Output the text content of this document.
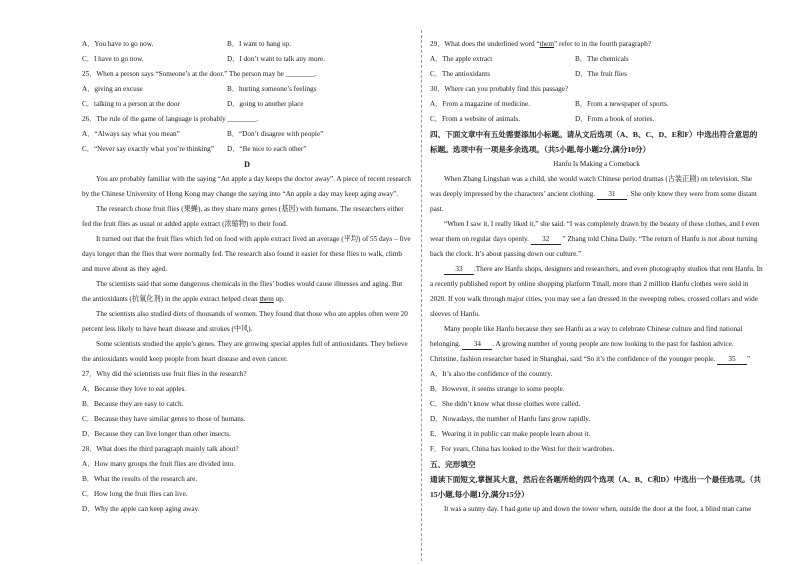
A．You have to go now.	B．I want to hang up.
C．I have to go now.	D．I don’t want to talk any more.

25．When a person says “Someone’s at the door.” The person may be ________.

A．giving an excuse	B．hurting someone’s feelings
C．talking to a person at the door	D．going to another place

26．The rule of the game of language is probably ________.

A．“Always say what you mean”	B．“Don’t disagree with people”
C．“Never say exactly what you’re thinking”	D．“Be nice to each other”

D

You are probably familiar with the saying “An apple a day keeps the doctor away”. A piece of recent research by the Chinese University of Hong Kong may change the saying into “An apple a day may keep aging away”.

The research chose fruit flies (果蝇), as they share many genes (基因) with humans. The researchers either fed the fruit flies as usual or added apple extract (浓缩物) to their food.

It turned out that the fruit flies which fed on food with apple extract lived an average (平均) of 55 days – five days longer than the flies that were normally fed. The research also found it easier for these flies to walk, climb and move about as they aged.

The scientists said that some dangerous chemicals in the flies’ bodies would cause illnesses and aging. But the antioxidants (抗氧化剂) in the apple extract helped clean them up.

The scientists also studied diets of thousands of women. They found that those who ate apples often were 20 percent less likely to have heart disease and strokes (中风).

Some scientists studied the apple’s genes. They are growing special apples full of antioxidants. They believe the antioxidants would keep people from heart disease and even cancer.

27．Why did the scientists use fruit flies in the research?

A．Because they love to eat apples.

B．Because they are easy to catch.

C．Because they have similar genes to those of humans.

D．Because they can live longer than other insects.

28．What does the third paragraph mainly talk about?

A．How many groups the fruit flies are divided into.

B．What the results of the research are.

C．How long the fruit flies can live.

D．Why the apple can keep aging away.

29．What does the underlined word “them” refer to in the fourth paragraph?

A．The apple extract	B．The chemicals
C．The antioxidants	D．The fruit flies

30．Where can you probably find this passage?

A．From a magazine of medicine.	B．From a newspaper of sports.
C．From a website of animals.	D．From a book of stories.

四、下面文章中有五处需要添加小标题。请从文后选项（A、B、C、D、E和F）中选出符合意思的标题。选项中有一项是多余选项。（共5小题,每小题2分,满分10分）

Hanfu Is Making a Comeback

When Zhang Lingshan was a child, she would watch Chinese period dramas (古装正剧) on television. She was deeply impressed by the characters’ ancient clothing. 31 . She only knew they were from some distant past.

“When I saw it, I really liked it,” she said. “I was completely drawn by the beauty of these clothes, and I even wear them on regular days openly. 32 ” Zhang told China Daily. “The return of Hanfu is not about turning back the clock. It’s about passing down our culture.”

33 .There are Hanfu shops, designers and researchers, and even photography studios that rent Hanfu. In a recently published report by online shopping platform Tmall, more than 2 million Hanfu clothes were sold in 2020. If you walk through major cities, you may see a fan dressed in the sweeping robes, crossed collars and wide sleeves of Hanfu.

Many people like Hanfu because they see Hanfu as a way to celebrate Chinese culture and find national belonging. 34 . A growing number of young people are now looking to the past for fashion advice. Christine, fashion researcher based in Shanghai, said “So it’s the confidence of the younger people. 35 ”

A．It’s also the confidence of the country.

B．However, it seems strange to some people.

C．She didn’t know what these clothes were called.

D．Nowadays, the number of Hanfu fans grow rapidly.

E．Wearing it in public can make people learn about it.

F．For years, China has looked to the West for their wardrobes.

五、完形填空

通读下面短文,掌握其大意，然后在各题所给的四个选项（A、B、C和D）中选出一个最佳选项。（共15小题,每小题1分,满分15分）

It was a sunny day. I had gone up and down the tower when, outside the door at the foot, a blind man came
